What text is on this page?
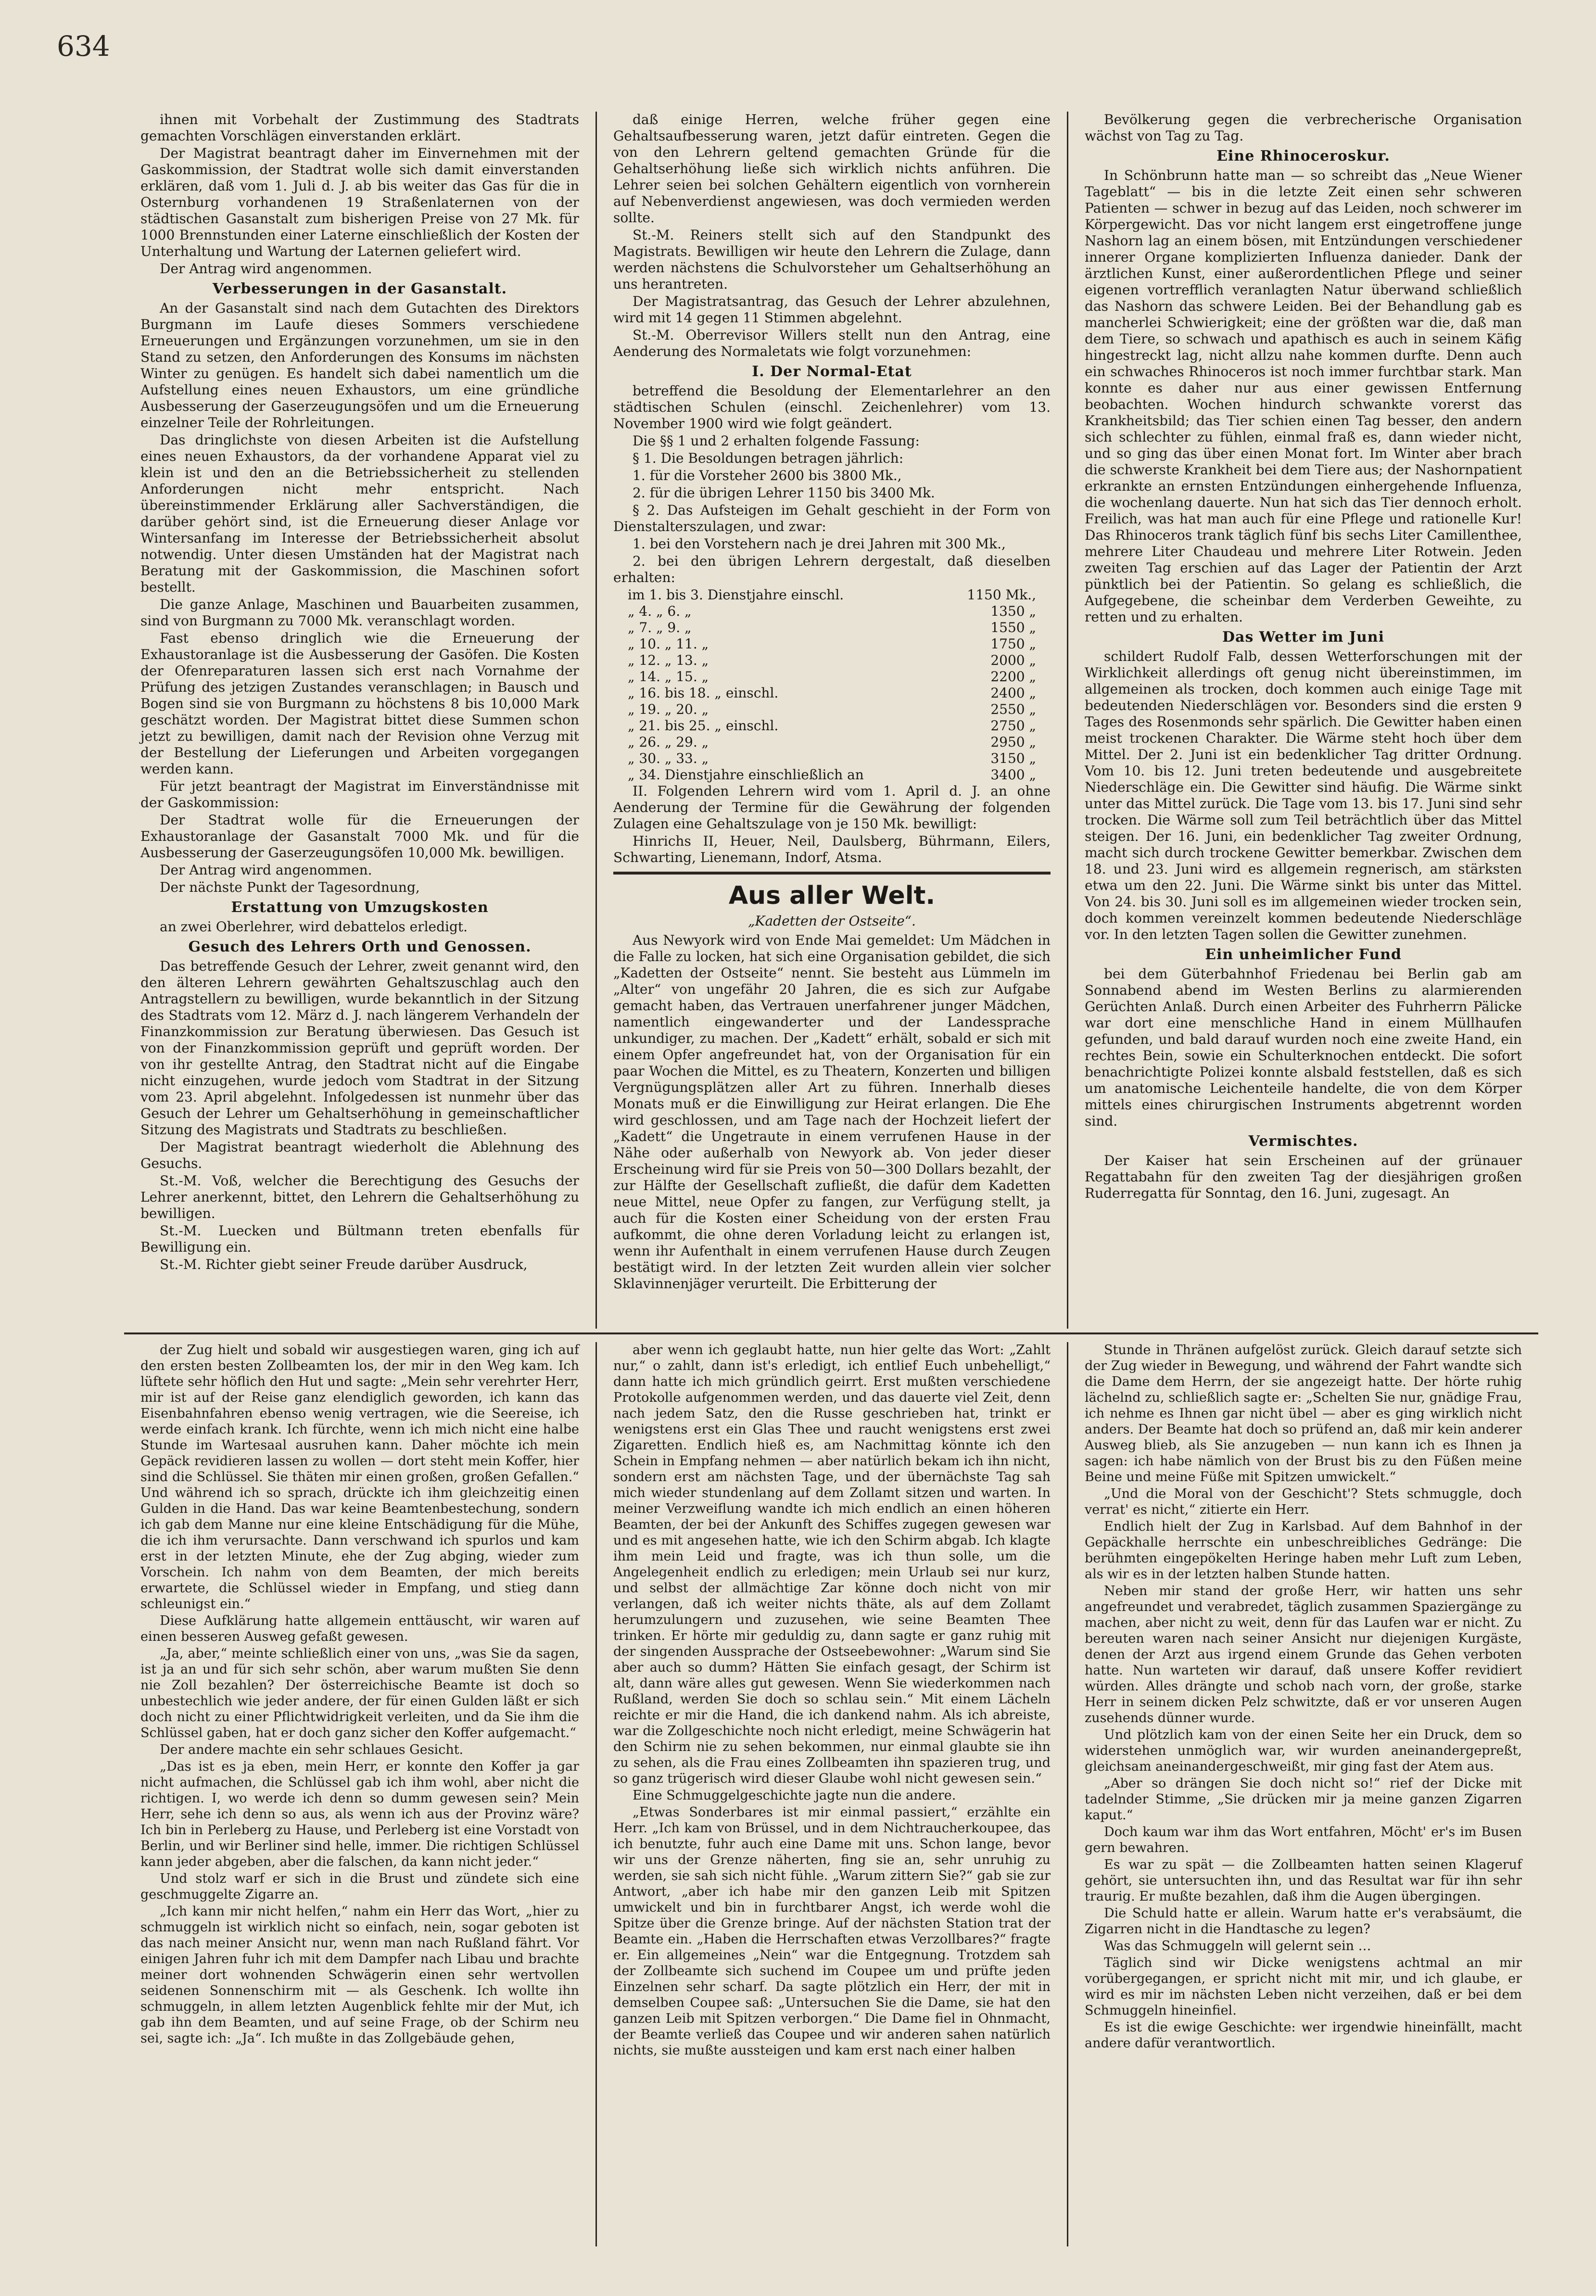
634

ihnen mit Vorbehalt der Zustimmung des Stadtrats gemachten Vorschlägen einverstanden erklärt.

Der Magistrat beantragt daher im Einvernehmen mit der Gaskommission, der Stadtrat wolle sich damit einverstanden erklären, daß vom 1. Juli d. J. ab bis weiter das Gas für die in Osternburg vorhandenen 19 Straßenlaternen von der städtischen Gasanstalt zum bisherigen Preise von 27 Mk. für 1000 Brennstunden einer Laterne einschließlich der Kosten der Unterhaltung und Wartung der Laternen geliefert wird.

Der Antrag wird angenommen.

Verbesserungen in der Gasanstalt.

An der Gasanstalt sind nach dem Gutachten des Direktors Burgmann im Laufe dieses Sommers verschiedene Erneuerungen und Ergänzungen vorzunehmen, um sie in den Stand zu setzen, den Anforderungen des Konsums im nächsten Winter zu genügen. Es handelt sich dabei namentlich um die Aufstellung eines neuen Exhaustors, um eine gründliche Ausbesserung der Gaserzeugungsöfen und um die Erneuerung einzelner Teile der Rohrleitungen.

Das dringlichste von diesen Arbeiten ist die Aufstellung eines neuen Exhaustors, da der vorhandene Apparat viel zu klein ist und den an die Betriebssicherheit zu stellenden Anforderungen nicht mehr entspricht. Nach übereinstimmender Erklärung aller Sachverständigen, die darüber gehört sind, ist die Erneuerung dieser Anlage vor Wintersanfang im Interesse der Betriebssicherheit absolut notwendig. Unter diesen Umständen hat der Magistrat nach Beratung mit der Gaskommission, die Maschinen sofort bestellt.

Die ganze Anlage, Maschinen und Bauarbeiten zusammen, sind von Burgmann zu 7000 Mk. veranschlagt worden.

Fast ebenso dringlich wie die Erneuerung der Exhaustoranlage ist die Ausbesserung der Gasöfen. Die Kosten der Ofenreparaturen lassen sich erst nach Vornahme der Prüfung des jetzigen Zustandes veranschlagen; in Bausch und Bogen sind sie von Burgmann zu höchstens 8 bis 10,000 Mark geschätzt worden. Der Magistrat bittet diese Summen schon jetzt zu bewilligen, damit nach der Revision ohne Verzug mit der Bestellung der Lieferungen und Arbeiten vorgegangen werden kann.

Für jetzt beantragt der Magistrat im Einverständnisse mit der Gaskommission:

Der Stadtrat wolle für die Erneuerungen der Exhaustoranlage der Gasanstalt 7000 Mk. und für die Ausbesserung der Gaserzeugungsöfen 10,000 Mk. bewilligen.

Der Antrag wird angenommen.

Der nächste Punkt der Tagesordnung,

Erstattung von Umzugskosten

an zwei Oberlehrer, wird debattelos erledigt.

Gesuch des Lehrers Orth und Genossen.

Das betreffende Gesuch der Lehrer, zweit genannt wird, den den älteren Lehrern gewährten Gehaltszuschlag auch den Antragstellern zu bewilligen, wurde bekanntlich in der Sitzung des Stadtrats vom 12. März d. J. nach längerem Verhandeln der Finanzkommission zur Beratung überwiesen. Das Gesuch ist von der Finanzkommission geprüft und geprüft worden. Der von ihr gestellte Antrag, den Stadtrat nicht auf die Eingabe nicht einzugehen, wurde jedoch vom Stadtrat in der Sitzung vom 23. April abgelehnt. Infolgedessen ist nunmehr über das Gesuch der Lehrer um Gehaltserhöhung in gemeinschaftlicher Sitzung des Magistrats und Stadtrats zu beschließen.

Der Magistrat beantragt wiederholt die Ablehnung des Gesuchs.

St.-M. Voß, welcher die Berechtigung des Gesuchs der Lehrer anerkennt, bittet, den Lehrern die Gehaltserhöhung zu bewilligen.

St.-M. Luecken und Bültmann treten ebenfalls für Bewilligung ein.

St.-M. Richter giebt seiner Freude darüber Ausdruck,

daß einige Herren, welche früher gegen eine Gehaltsaufbesserung waren, jetzt dafür eintreten. Gegen die von den Lehrern geltend gemachten Gründe für die Gehaltserhöhung ließe sich wirklich nichts anführen. Die Lehrer seien bei solchen Gehältern eigentlich von vornherein auf Nebenverdienst angewiesen, was doch vermieden werden sollte.

St.-M. Reiners stellt sich auf den Standpunkt des Magistrats. Bewilligen wir heute den Lehrern die Zulage, dann werden nächstens die Schulvorsteher um Gehaltserhöhung an uns herantreten.

Der Magistratsantrag, das Gesuch der Lehrer abzulehnen, wird mit 14 gegen 11 Stimmen abgelehnt.

St.-M. Oberrevisor Willers stellt nun den Antrag, eine Aenderung des Normaletats wie folgt vorzunehmen:

I. Der Normal-Etat

betreffend die Besoldung der Elementarlehrer an den städtischen Schulen (einschl. Zeichenlehrer) vom 13. November 1900 wird wie folgt geändert.

Die §§ 1 und 2 erhalten folgende Fassung:

§ 1. Die Besoldungen betragen jährlich:

1. für die Vorsteher 2600 bis 3800 Mk.,

2. für die übrigen Lehrer 1150 bis 3400 Mk.

§ 2. Das Aufsteigen im Gehalt geschieht in der Form von Dienstalterszulagen, und zwar:

1. bei den Vorstehern nach je drei Jahren mit 300 Mk.,

2. bei den übrigen Lehrern dergestalt, daß dieselben erhalten:

im 1. bis 3. Dienstjahre einschl.	1150 Mk.,
„ 4. „ 6. „	1350 „
„ 7. „ 9. „	1550 „
„ 10. „ 11. „	1750 „
„ 12. „ 13. „	2000 „
„ 14. „ 15. „	2200 „
„ 16. bis 18. „ einschl.	2400 „
„ 19. „ 20. „	2550 „
„ 21. bis 25. „ einschl.	2750 „
„ 26. „ 29. „	2950 „
„ 30. „ 33. „	3150 „
„ 34. Dienstjahre einschließlich an	3400 „

II. Folgenden Lehrern wird vom 1. April d. J. an ohne Aenderung der Termine für die Gewährung der folgenden Zulagen eine Gehaltszulage von je 150 Mk. bewilligt:

Hinrichs II, Heuer, Neil, Daulsberg, Bührmann, Eilers, Schwarting, Lienemann, Indorf, Atsma.

Aus aller Welt.
„Kadetten der Ostseite“.

Aus Newyork wird von Ende Mai gemeldet: Um Mädchen in die Falle zu locken, hat sich eine Organisation gebildet, die sich „Kadetten der Ostseite“ nennt. Sie besteht aus Lümmeln im „Alter“ von ungefähr 20 Jahren, die es sich zur Aufgabe gemacht haben, das Vertrauen unerfahrener junger Mädchen, namentlich eingewanderter und der Landessprache unkundiger, zu machen. Der „Kadett“ erhält, sobald er sich mit einem Opfer angefreundet hat, von der Organisation für ein paar Wochen die Mittel, es zu Theatern, Konzerten und billigen Vergnügungsplätzen aller Art zu führen. Innerhalb dieses Monats muß er die Einwilligung zur Heirat erlangen. Die Ehe wird geschlossen, und am Tage nach der Hochzeit liefert der „Kadett“ die Ungetraute in einem verrufenen Hause in der Nähe oder außerhalb von Newyork ab. Von jeder dieser Erscheinung wird für sie Preis von 50—300 Dollars bezahlt, der zur Hälfte der Gesellschaft zufließt, die dafür dem Kadetten neue Mittel, neue Opfer zu fangen, zur Verfügung stellt, ja auch für die Kosten einer Scheidung von der ersten Frau aufkommt, die ohne deren Vorladung leicht zu erlangen ist, wenn ihr Aufenthalt in einem verrufenen Hause durch Zeugen bestätigt wird. In der letzten Zeit wurden allein vier solcher Sklavinnenjäger verurteilt. Die Erbitterung der

Bevölkerung gegen die verbrecherische Organisation wächst von Tag zu Tag.

Eine Rhinoceroskur.

In Schönbrunn hatte man — so schreibt das „Neue Wiener Tageblatt“ — bis in die letzte Zeit einen sehr schweren Patienten — schwer in bezug auf das Leiden, noch schwerer im Körpergewicht. Das vor nicht langem erst eingetroffene junge Nashorn lag an einem bösen, mit Entzündungen verschiedener innerer Organe komplizierten Influenza danieder. Dank der ärztlichen Kunst, einer außerordentlichen Pflege und seiner eigenen vortrefflich veranlagten Natur überwand schließlich das Nashorn das schwere Leiden. Bei der Behandlung gab es mancherlei Schwierigkeit; eine der größten war die, daß man dem Tiere, so schwach und apathisch es auch in seinem Käfig hingestreckt lag, nicht allzu nahe kommen durfte. Denn auch ein schwaches Rhinoceros ist noch immer furchtbar stark. Man konnte es daher nur aus einer gewissen Entfernung beobachten. Wochen hindurch schwankte vorerst das Krankheitsbild; das Tier schien einen Tag besser, den andern sich schlechter zu fühlen, einmal fraß es, dann wieder nicht, und so ging das über einen Monat fort. Im Winter aber brach die schwerste Krankheit bei dem Tiere aus; der Nashornpatient erkrankte an ernsten Entzündungen einhergehende Influenza, die wochenlang dauerte. Nun hat sich das Tier dennoch erholt. Freilich, was hat man auch für eine Pflege und rationelle Kur! Das Rhinoceros trank täglich fünf bis sechs Liter Camillenthee, mehrere Liter Chaudeau und mehrere Liter Rotwein. Jeden zweiten Tag erschien auf das Lager der Patientin der Arzt pünktlich bei der Patientin. So gelang es schließlich, die Aufgegebene, die scheinbar dem Verderben Geweihte, zu retten und zu erhalten.

Das Wetter im Juni

schildert Rudolf Falb, dessen Wetterforschungen mit der Wirklichkeit allerdings oft genug nicht übereinstimmen, im allgemeinen als trocken, doch kommen auch einige Tage mit bedeutenden Niederschlägen vor. Besonders sind die ersten 9 Tages des Rosenmonds sehr spärlich. Die Gewitter haben einen meist trockenen Charakter. Die Wärme steht hoch über dem Mittel. Der 2. Juni ist ein bedenklicher Tag dritter Ordnung. Vom 10. bis 12. Juni treten bedeutende und ausgebreitete Niederschläge ein. Die Gewitter sind häufig. Die Wärme sinkt unter das Mittel zurück. Die Tage vom 13. bis 17. Juni sind sehr trocken. Die Wärme soll zum Teil beträchtlich über das Mittel steigen. Der 16. Juni, ein bedenklicher Tag zweiter Ordnung, macht sich durch trockene Gewitter bemerkbar. Zwischen dem 18. und 23. Juni wird es allgemein regnerisch, am stärksten etwa um den 22. Juni. Die Wärme sinkt bis unter das Mittel. Von 24. bis 30. Juni soll es im allgemeinen wieder trocken sein, doch kommen vereinzelt kommen bedeutende Niederschläge vor. In den letzten Tagen sollen die Gewitter zunehmen.

Ein unheimlicher Fund

bei dem Güterbahnhof Friedenau bei Berlin gab am Sonnabend abend im Westen Berlins zu alarmierenden Gerüchten Anlaß. Durch einen Arbeiter des Fuhrherrn Pälicke war dort eine menschliche Hand in einem Müllhaufen gefunden, und bald darauf wurden noch eine zweite Hand, ein rechtes Bein, sowie ein Schulterknochen entdeckt. Die sofort benachrichtigte Polizei konnte alsbald feststellen, daß es sich um anatomische Leichenteile handelte, die von dem Körper mittels eines chirurgischen Instruments abgetrennt worden sind.

Vermischtes.

Der Kaiser hat sein Erscheinen auf der grünauer Regattabahn für den zweiten Tag der diesjährigen großen Ruderregatta für Sonntag, den 16. Juni, zugesagt. An

der Zug hielt und sobald wir ausgestiegen waren, ging ich auf den ersten besten Zollbeamten los, der mir in den Weg kam. Ich lüftete sehr höflich den Hut und sagte: „Mein sehr verehrter Herr, mir ist auf der Reise ganz elendiglich geworden, ich kann das Eisenbahnfahren ebenso wenig vertragen, wie die Seereise, ich werde einfach krank. Ich fürchte, wenn ich mich nicht eine halbe Stunde im Wartesaal ausruhen kann. Daher möchte ich mein Gepäck revidieren lassen zu wollen — dort steht mein Koffer, hier sind die Schlüssel. Sie thäten mir einen großen, großen Gefallen.“ Und während ich so sprach, drückte ich ihm gleichzeitig einen Gulden in die Hand. Das war keine Beamtenbestechung, sondern ich gab dem Manne nur eine kleine Entschädigung für die Mühe, die ich ihm verursachte. Dann verschwand ich spurlos und kam erst in der letzten Minute, ehe der Zug abging, wieder zum Vorschein. Ich nahm von dem Beamten, der mich bereits erwartete, die Schlüssel wieder in Empfang, und stieg dann schleunigst ein.“

Diese Aufklärung hatte allgemein enttäuscht, wir waren auf einen besseren Ausweg gefaßt gewesen.

„Ja, aber,“ meinte schließlich einer von uns, „was Sie da sagen, ist ja an und für sich sehr schön, aber warum mußten Sie denn nie Zoll bezahlen? Der österreichische Beamte ist doch so unbestechlich wie jeder andere, der für einen Gulden läßt er sich doch nicht zu einer Pflichtwidrigkeit verleiten, und da Sie ihm die Schlüssel gaben, hat er doch ganz sicher den Koffer aufgemacht.“

Der andere machte ein sehr schlaues Gesicht.

„Das ist es ja eben, mein Herr, er konnte den Koffer ja gar nicht aufmachen, die Schlüssel gab ich ihm wohl, aber nicht die richtigen. I, wo werde ich denn so dumm gewesen sein? Mein Herr, sehe ich denn so aus, als wenn ich aus der Provinz wäre? Ich bin in Perleberg zu Hause, und Perleberg ist eine Vorstadt von Berlin, und wir Berliner sind helle, immer. Die richtigen Schlüssel kann jeder abgeben, aber die falschen, da kann nicht jeder.“

Und stolz warf er sich in die Brust und zündete sich eine geschmuggelte Zigarre an.

„Ich kann mir nicht helfen,“ nahm ein Herr das Wort, „hier zu schmuggeln ist wirklich nicht so einfach, nein, sogar geboten ist das nach meiner Ansicht nur, wenn man nach Rußland fährt. Vor einigen Jahren fuhr ich mit dem Dampfer nach Libau und brachte meiner dort wohnenden Schwägerin einen sehr wertvollen seidenen Sonnenschirm mit — als Geschenk. Ich wollte ihn schmuggeln, in allem letzten Augenblick fehlte mir der Mut, ich gab ihn dem Beamten, und auf seine Frage, ob der Schirm neu sei, sagte ich: „Ja“. Ich mußte in das Zollgebäude gehen,

aber wenn ich geglaubt hatte, nun hier gelte das Wort: „Zahlt nur,“ o zahlt, dann ist's erledigt, ich entlief Euch unbehelligt,“ dann hatte ich mich gründlich geirrt. Erst mußten verschiedene Protokolle aufgenommen werden, und das dauerte viel Zeit, denn nach jedem Satz, den die Russe geschrieben hat, trinkt er wenigstens erst ein Glas Thee und raucht wenigstens erst zwei Zigaretten. Endlich hieß es, am Nachmittag könnte ich den Schein in Empfang nehmen — aber natürlich bekam ich ihn nicht, sondern erst am nächsten Tage, und der übernächste Tag sah mich wieder stundenlang auf dem Zollamt sitzen und warten. In meiner Verzweiflung wandte ich mich endlich an einen höheren Beamten, der bei der Ankunft des Schiffes zugegen gewesen war und es mit angesehen hatte, wie ich den Schirm abgab. Ich klagte ihm mein Leid und fragte, was ich thun solle, um die Angelegenheit endlich zu erledigen; mein Urlaub sei nur kurz, und selbst der allmächtige Zar könne doch nicht von mir verlangen, daß ich weiter nichts thäte, als auf dem Zollamt herumzulungern und zuzusehen, wie seine Beamten Thee trinken. Er hörte mir geduldig zu, dann sagte er ganz ruhig mit der singenden Aussprache der Ostseebewohner: „Warum sind Sie aber auch so dumm? Hätten Sie einfach gesagt, der Schirm ist alt, dann wäre alles gut gewesen. Wenn Sie wiederkommen nach Rußland, werden Sie doch so schlau sein.“ Mit einem Lächeln reichte er mir die Hand, die ich dankend nahm. Als ich abreiste, war die Zollgeschichte noch nicht erledigt, meine Schwägerin hat den Schirm nie zu sehen bekommen, nur einmal glaubte sie ihn zu sehen, als die Frau eines Zollbeamten ihn spazieren trug, und so ganz trügerisch wird dieser Glaube wohl nicht gewesen sein.“

Eine Schmuggelgeschichte jagte nun die andere.

„Etwas Sonderbares ist mir einmal passiert,“ erzählte ein Herr. „Ich kam von Brüssel, und in dem Nichtraucherkoupee, das ich benutzte, fuhr auch eine Dame mit uns. Schon lange, bevor wir uns der Grenze näherten, fing sie an, sehr unruhig zu werden, sie sah sich nicht fühle. „Warum zittern Sie?“ gab sie zur Antwort, „aber ich habe mir den ganzen Leib mit Spitzen umwickelt und bin in furchtbarer Angst, ich werde wohl die Spitze über die Grenze bringe. Auf der nächsten Station trat der Beamte ein. „Haben die Herrschaften etwas Verzollbares?“ fragte er. Ein allgemeines „Nein“ war die Entgegnung. Trotzdem sah der Zollbeamte sich suchend im Coupee um und prüfte jeden Einzelnen sehr scharf. Da sagte plötzlich ein Herr, der mit in demselben Coupee saß: „Untersuchen Sie die Dame, sie hat den ganzen Leib mit Spitzen verborgen.“ Die Dame fiel in Ohnmacht, der Beamte verließ das Coupee und wir anderen sahen natürlich nichts, sie mußte aussteigen und kam erst nach einer halben

Stunde in Thränen aufgelöst zurück. Gleich darauf setzte sich der Zug wieder in Bewegung, und während der Fahrt wandte sich die Dame dem Herrn, der sie angezeigt hatte. Der hörte ruhig lächelnd zu, schließlich sagte er: „Schelten Sie nur, gnädige Frau, ich nehme es Ihnen gar nicht übel — aber es ging wirklich nicht anders. Der Beamte hat doch so prüfend an, daß mir kein anderer Ausweg blieb, als Sie anzugeben — nun kann ich es Ihnen ja sagen: ich habe nämlich von der Brust bis zu den Füßen meine Beine und meine Füße mit Spitzen umwickelt.“

„Und die Moral von der Geschicht'? Stets schmuggle, doch verrat' es nicht,“ zitierte ein Herr.

Endlich hielt der Zug in Karlsbad. Auf dem Bahnhof in der Gepäckhalle herrschte ein unbeschreibliches Gedränge: Die berühmten eingepökelten Heringe haben mehr Luft zum Leben, als wir es in der letzten halben Stunde hatten.

Neben mir stand der große Herr, wir hatten uns sehr angefreundet und verabredet, täglich zusammen Spaziergänge zu machen, aber nicht zu weit, denn für das Laufen war er nicht. Zu bereuten waren nach seiner Ansicht nur diejenigen Kurgäste, denen der Arzt aus irgend einem Grunde das Gehen verboten hatte. Nun warteten wir darauf, daß unsere Koffer revidiert würden. Alles drängte und schob nach vorn, der große, starke Herr in seinem dicken Pelz schwitzte, daß er vor unseren Augen zusehends dünner wurde.

Und plötzlich kam von der einen Seite her ein Druck, dem so widerstehen unmöglich war, wir wurden aneinandergepreßt, gleichsam aneinandergeschweißt, mir ging fast der Atem aus.

„Aber so drängen Sie doch nicht so!“ rief der Dicke mit tadelnder Stimme, „Sie drücken mir ja meine ganzen Zigarren kaput.“

Doch kaum war ihm das Wort entfahren, Möcht' er's im Busen gern bewahren.

Es war zu spät — die Zollbeamten hatten seinen Klageruf gehört, sie untersuchten ihn, und das Resultat war für ihn sehr traurig. Er mußte bezahlen, daß ihm die Augen übergingen.

Die Schuld hatte er allein. Warum hatte er's verabsäumt, die Zigarren nicht in die Handtasche zu legen?

Was das Schmuggeln will gelernt sein …

Täglich sind wir Dicke wenigstens achtmal an mir vorübergegangen, er spricht nicht mit mir, und ich glaube, er wird es mir im nächsten Leben nicht verzeihen, daß er bei dem Schmuggeln hineinfiel.

Es ist die ewige Geschichte: wer irgendwie hineinfällt, macht andere dafür verantwortlich.
